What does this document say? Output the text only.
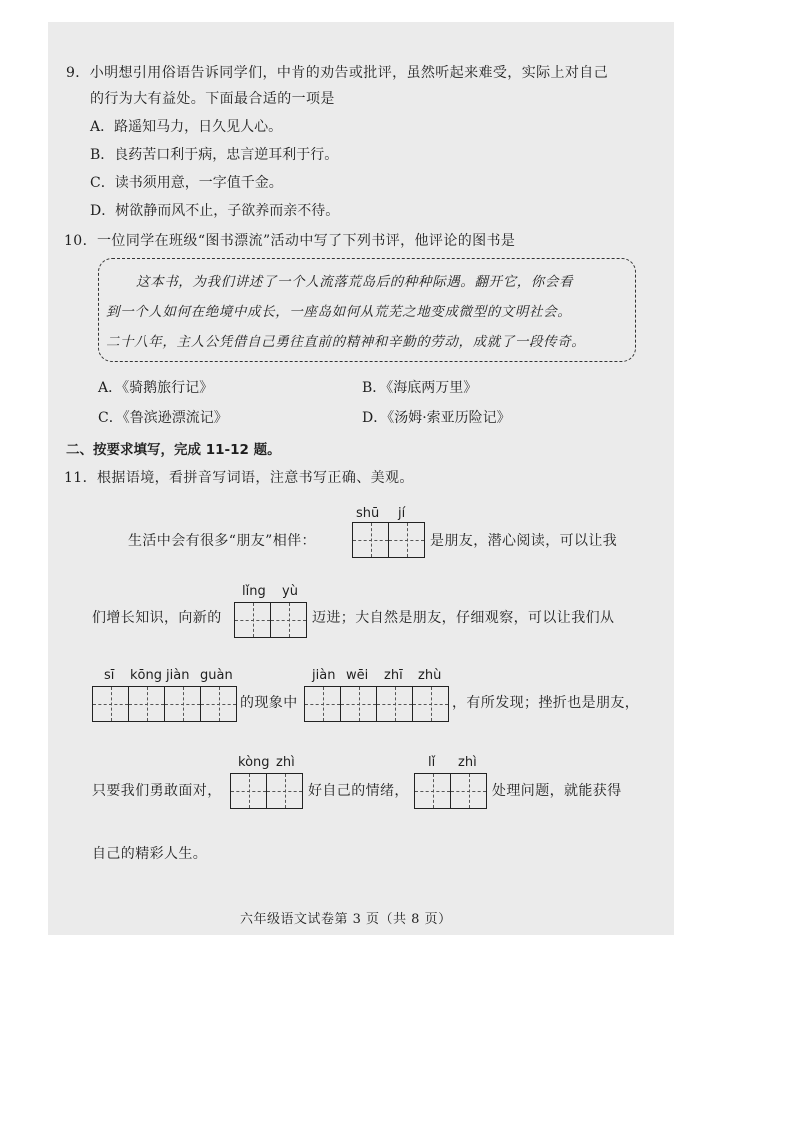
9．小明想引用俗语告诉同学们，中肯的劝告或批评，虽然听起来难受，实际上对自己
的行为大有益处。下面最合适的一项是
A．路遥知马力，日久见人心。
B．良药苦口利于病，忠言逆耳利于行。
C．读书须用意，一字值千金。
D．树欲静而风不止，子欲养而亲不待。
10．一位同学在班级“图书漂流”活动中写了下列书评，他评论的图书是
这本书，为我们讲述了一个人流落荒岛后的种种际遇。翻开它，你会看
到一个人如何在绝境中成长，一座岛如何从荒芜之地变成微型的文明社会。
二十八年，主人公凭借自己勇往直前的精神和辛勤的劳动，成就了一段传奇。
A．《骑鹅旅行记》	B．《海底两万里》
C．《鲁滨逊漂流记》	D．《汤姆·索亚历险记》
二、按要求填写，完成 11-12 题。
11．根据语境，看拼音写词语，注意书写正确、美观。
shū jí
生活中会有很多“朋友”相伴：	是朋友，潜心阅读，可以让我
lǐng yù
们增长知识，向新的	迈进；大自然是朋友，仔细观察，可以让我们从
sī kōng jiàn guàn
的现象中
jiàn wēi zhī zhù
，有所发现；挫折也是朋友，
kòng zhì
只要我们勇敢面对，	好自己的情绪，
lǐ zhì
处理问题，就能获得
自己的精彩人生。
六年级语文试卷第 3 页（共 8 页）
